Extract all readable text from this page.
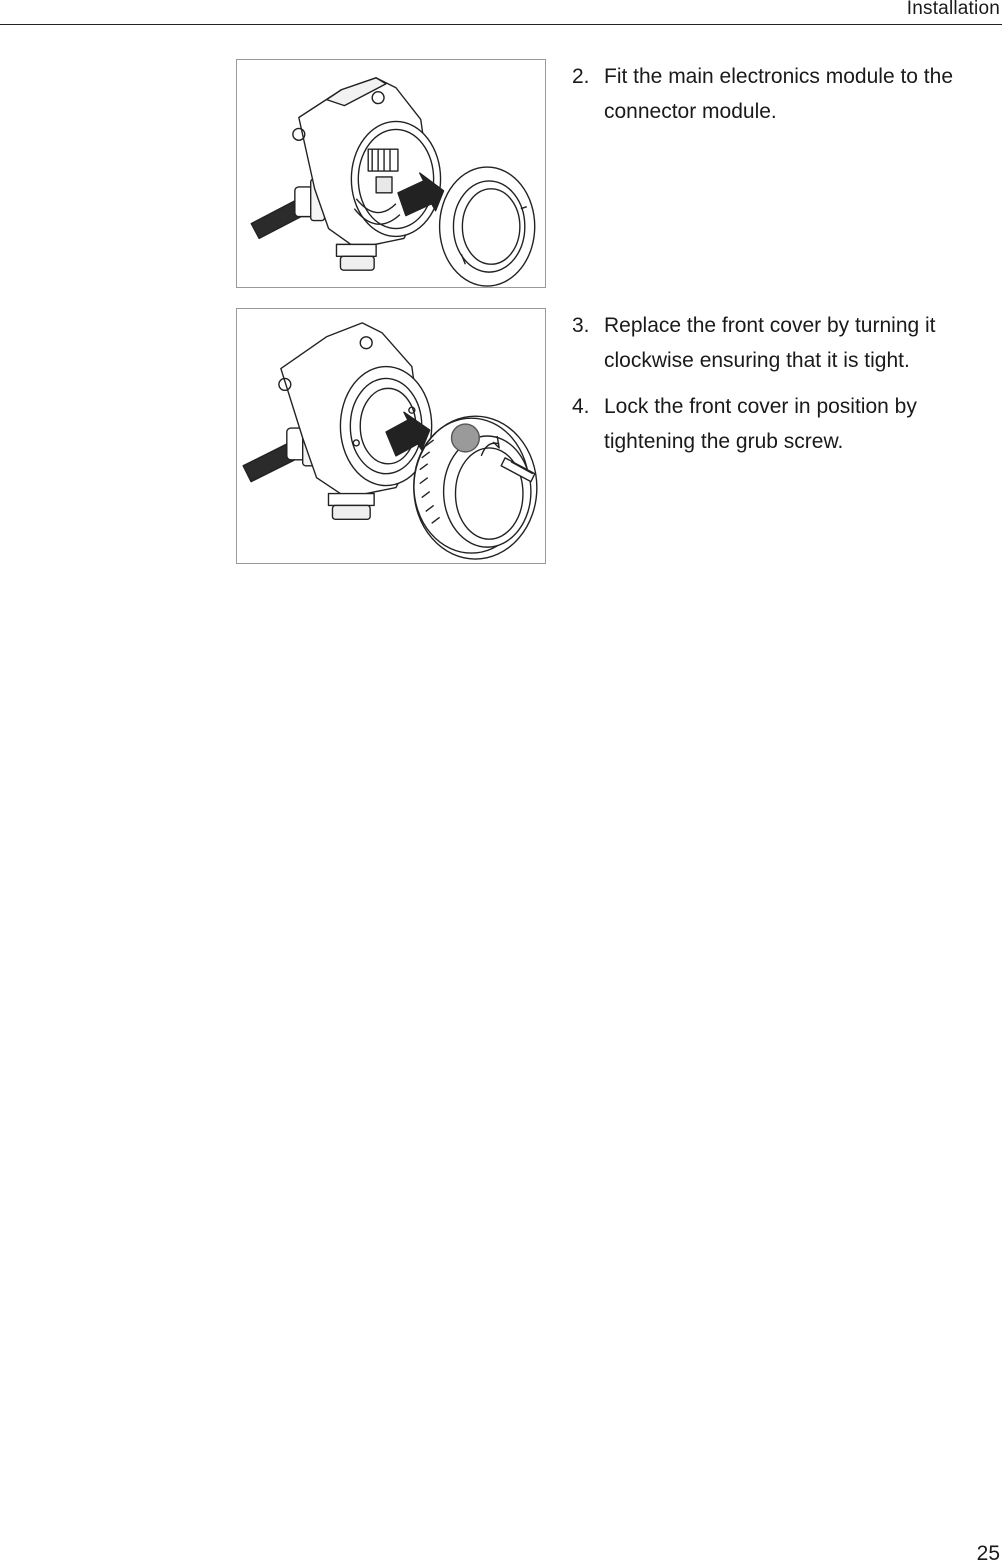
Installation
2. Fit the main electronics module to the connector module.
3. Replace the front cover by turning it clockwise ensuring that it is tight.
4. Lock the front cover in position by tightening the grub screw.
25
